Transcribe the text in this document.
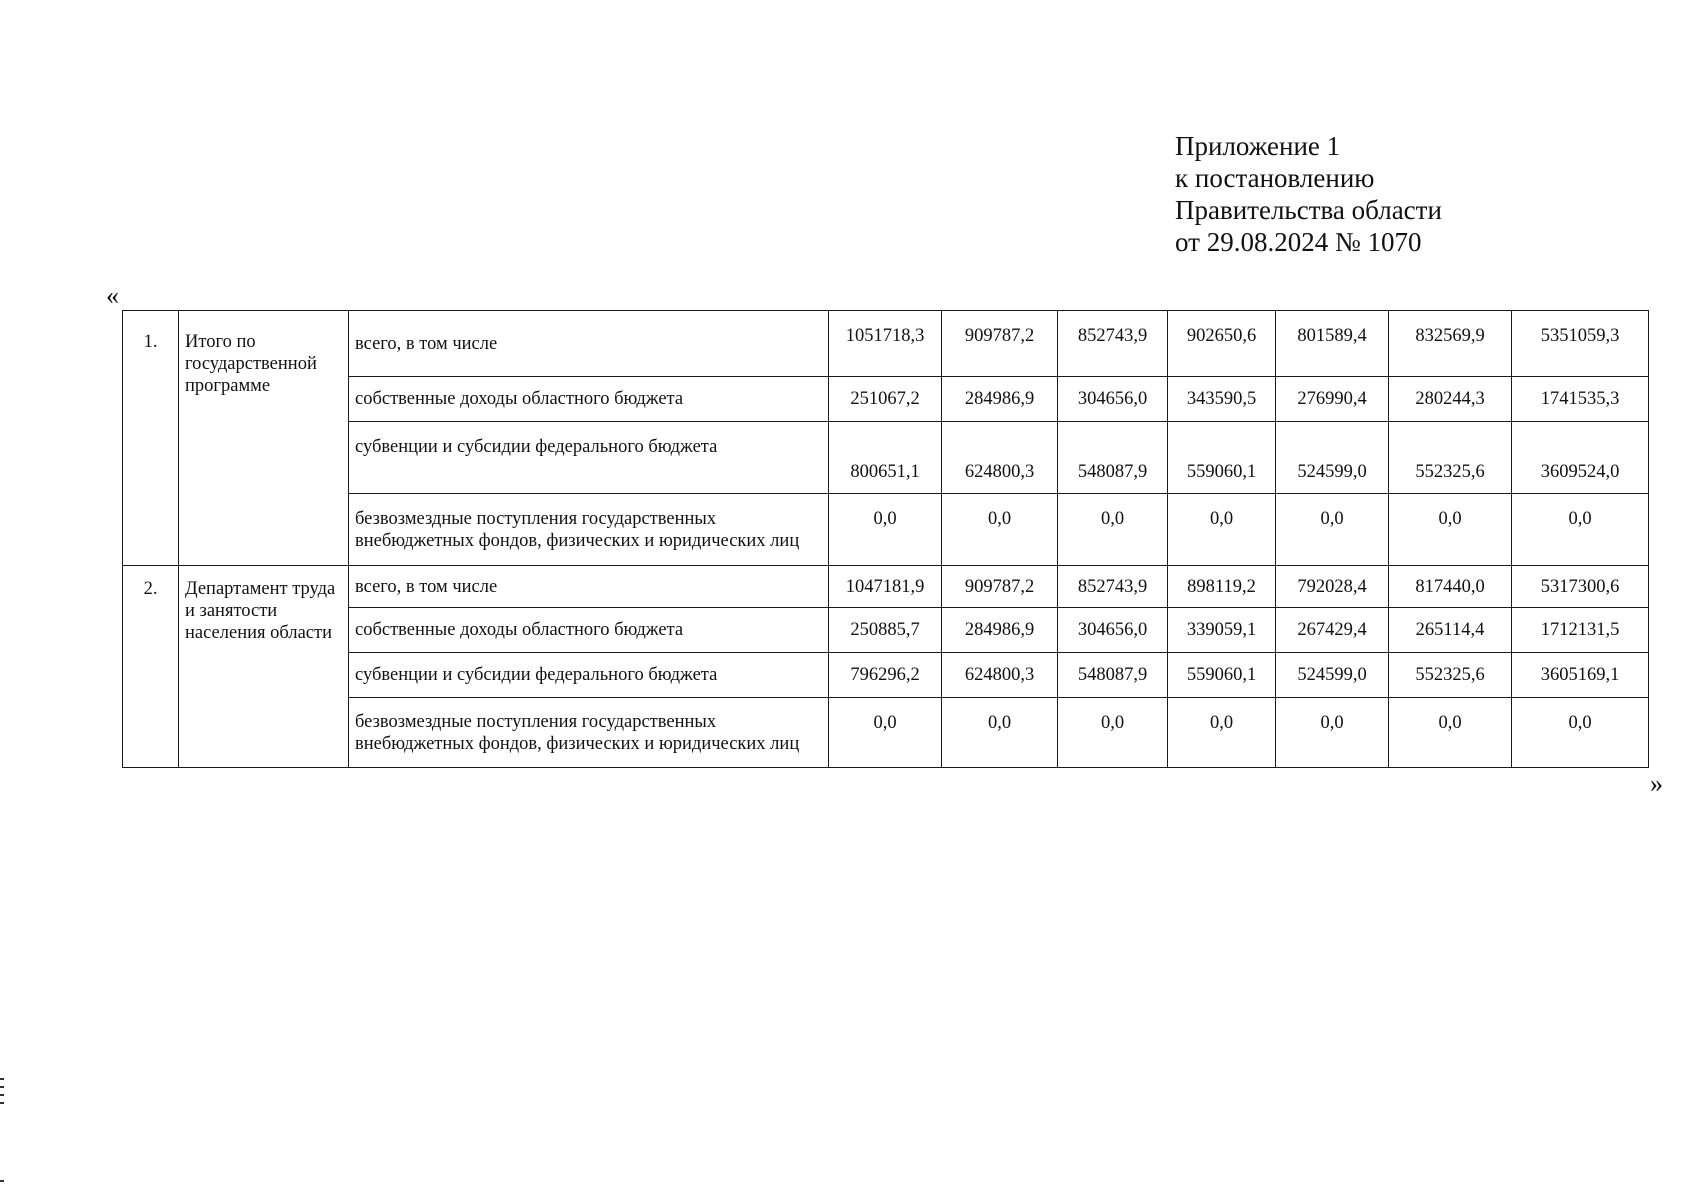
Приложение 1
к постановлению
Правительства области
от 29.08.2024 № 1070
«
1.	Итого по государственной программе	всего, в том числе	1051718,3	909787,2	852743,9	902650,6	801589,4	832569,9	5351059,3
		собственные доходы областного бюджета	251067,2	284986,9	304656,0	343590,5	276990,4	280244,3	1741535,3
		субвенции и субсидии федерального бюджета	800651,1	624800,3	548087,9	559060,1	524599,0	552325,6	3609524,0
		безвозмездные поступления государственных внебюджетных фондов, физических и юридических лиц	0,0	0,0	0,0	0,0	0,0	0,0	0,0
2.	Департамент труда и занятости населения области	всего, в том числе	1047181,9	909787,2	852743,9	898119,2	792028,4	817440,0	5317300,6
		собственные доходы областного бюджета	250885,7	284986,9	304656,0	339059,1	267429,4	265114,4	1712131,5
		субвенции и субсидии федерального бюджета	796296,2	624800,3	548087,9	559060,1	524599,0	552325,6	3605169,1
		безвозмездные поступления государственных внебюджетных фондов, физических и юридических лиц	0,0	0,0	0,0	0,0	0,0	0,0	0,0
»
